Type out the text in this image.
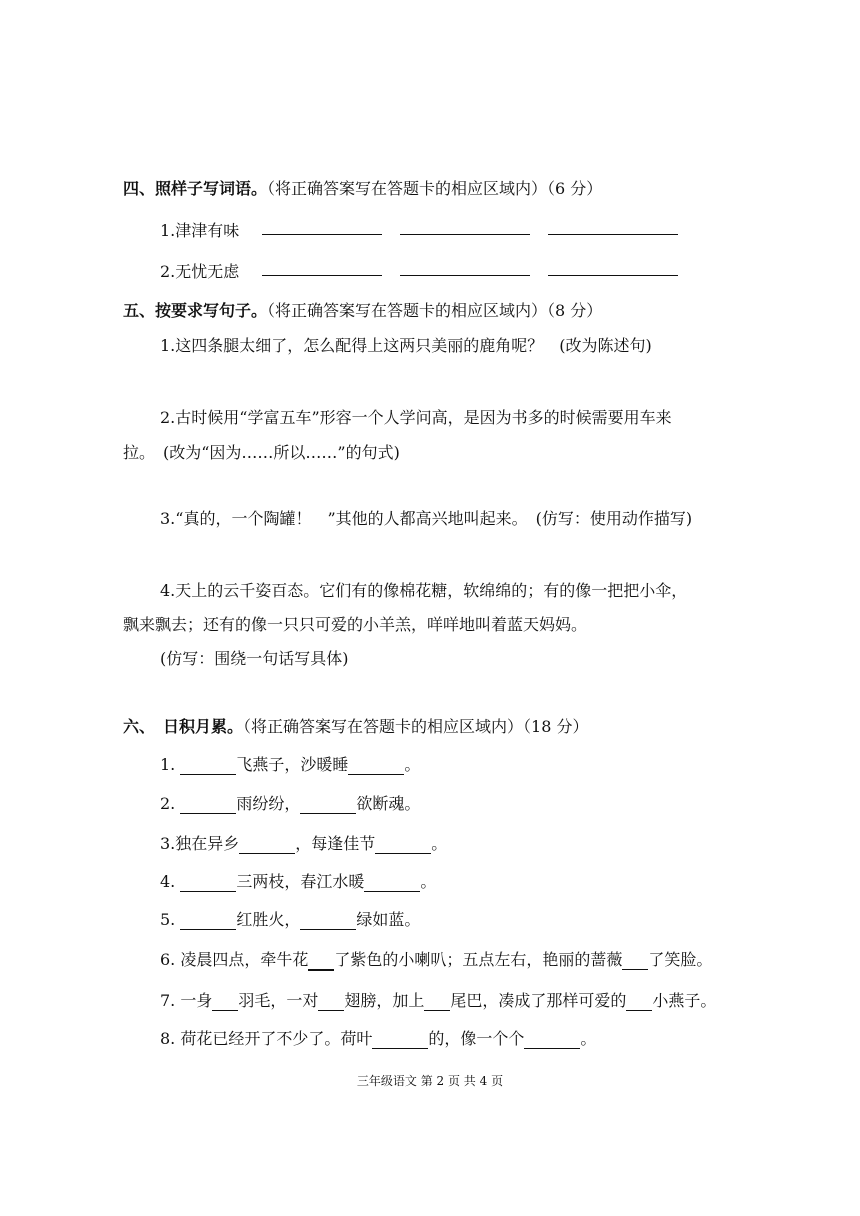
四、照样子写词语。（将正确答案写在答题卡的相应区域内）（6 分）
1.津津有味
2.无忧无虑
五、按要求写句子。（将正确答案写在答题卡的相应区域内）（8 分）
1.这四条腿太细了，怎么配得上这两只美丽的鹿角呢？　(改为陈述句)
2.古时候用“学富五车”形容一个人学问高，是因为书多的时候需要用车来
拉。　(改为“因为……所以……”的句式)
3.“真的，一个陶罐！　”其他的人都高兴地叫起来。　(仿写：使用动作描写)
4.天上的云千姿百态。它们有的像棉花糖，软绵绵的；有的像一把把小伞，
飘来飘去；还有的像一只只可爱的小羊羔，咩咩地叫着蓝天妈妈。
(仿写：围绕一句话写具体)
六、　日积月累。（将正确答案写在答题卡的相应区域内）（18 分）
1.	飞燕子，沙暖睡	。
2.	雨纷纷，	欲断魂。
3.独在异乡	，每逢佳节	。
4.	三两枝，春江水暖	。
5.	红胜火，	绿如蓝。
6. 凌晨四点，牵牛花 了紫色的小喇叭；五点左右，艳丽的蔷薇 了笑脸。
7. 一身 羽毛，一对 翅膀，加上 尾巴，凑成了那样可爱的 小燕子。
8. 荷花已经开了不少了。荷叶	的，像一个个	。
三年级语文 第 2 页 共 4 页
